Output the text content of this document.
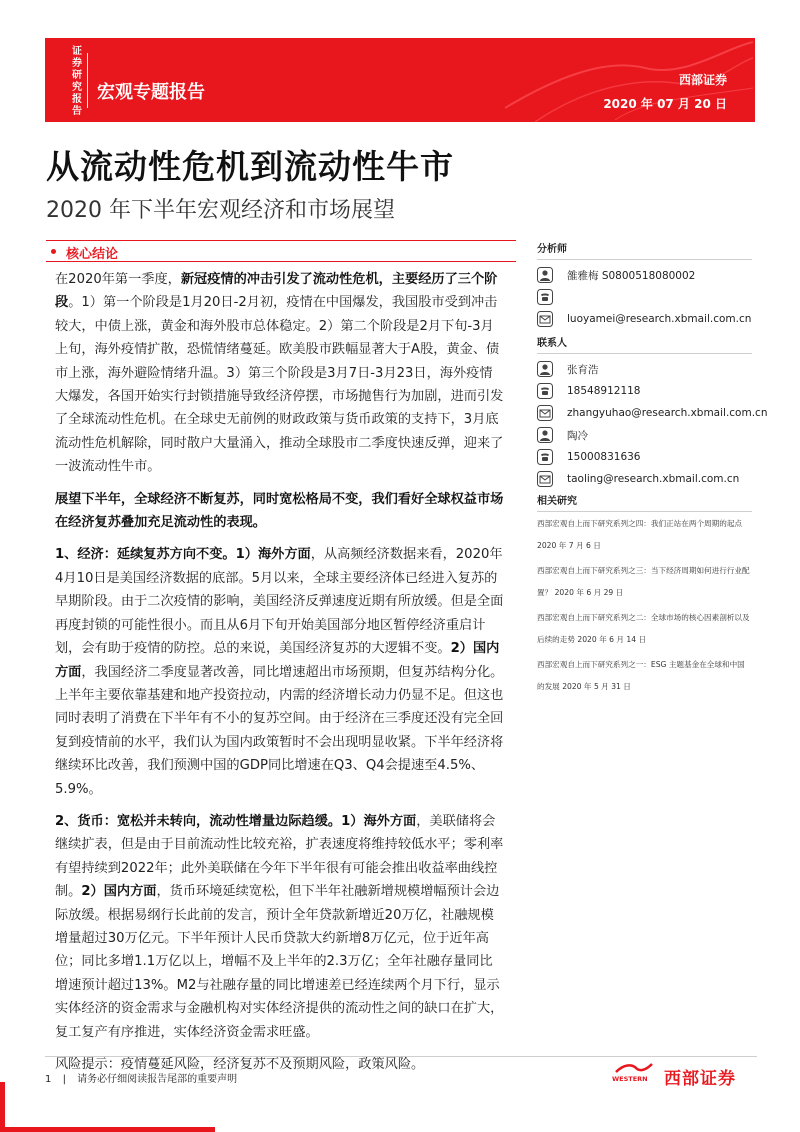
证券研究报告
宏观专题报告
西部证券
2020 年 07 月 20 日
从流动性危机到流动性牛市
2020 年下半年宏观经济和市场展望
核心结论

在2020年第一季度，新冠疫情的冲击引发了流动性危机，主要经历了三个阶段。1）第一个阶段是1月20日-2月初，疫情在中国爆发，我国股市受到冲击较大，中债上涨，黄金和海外股市总体稳定。2）第二个阶段是2月下旬-3月上旬，海外疫情扩散，恐慌情绪蔓延。欧美股市跌幅显著大于A股，黄金、债市上涨，海外避险情绪升温。3）第三个阶段是3月7日-3月23日，海外疫情大爆发，各国开始实行封锁措施导致经济停摆，市场抛售行为加剧，进而引发了全球流动性危机。在全球史无前例的财政政策与货币政策的支持下，3月底流动性危机解除，同时散户大量涌入，推动全球股市二季度快速反弹，迎来了一波流动性牛市。

展望下半年，全球经济不断复苏，同时宽松格局不变，我们看好全球权益市场在经济复苏叠加充足流动性的表现。

1、经济：延续复苏方向不变。1）海外方面，从高频经济数据来看，2020年4月10日是美国经济数据的底部。5月以来，全球主要经济体已经进入复苏的早期阶段。由于二次疫情的影响，美国经济反弹速度近期有所放缓。但是全面再度封锁的可能性很小。而且从6月下旬开始美国部分地区暂停经济重启计划，会有助于疫情的防控。总的来说，美国经济复苏的大逻辑不变。2）国内方面，我国经济二季度显著改善，同比增速超出市场预期，但复苏结构分化。上半年主要依靠基建和地产投资拉动，内需的经济增长动力仍显不足。但这也同时表明了消费在下半年有不小的复苏空间。由于经济在三季度还没有完全回复到疫情前的水平，我们认为国内政策暂时不会出现明显收紧。下半年经济将继续环比改善，我们预测中国的GDP同比增速在Q3、Q4会提速至4.5%、5.9%。

2、货币：宽松并未转向，流动性增量边际趋缓。1）海外方面，美联储将会继续扩表，但是由于目前流动性比较充裕，扩表速度将维持较低水平；零利率有望持续到2022年；此外美联储在今年下半年很有可能会推出收益率曲线控制。2）国内方面，货币环境延续宽松，但下半年社融新增规模增幅预计会边际放缓。根据易纲行长此前的发言，预计全年贷款新增近20万亿，社融规模增量超过30万亿元。下半年预计人民币贷款大约新增8万亿元，位于近年高位；同比多增1.1万亿以上，增幅不及上半年的2.3万亿；全年社融存量同比增速预计超过13%。M2与社融存量的同比增速差已经连续两个月下行，显示实体经济的资金需求与金融机构对实体经济提供的流动性之间的缺口在扩大，复工复产有序推进，实体经济资金需求旺盛。

风险提示：疫情蔓延风险，经济复苏不及预期风险，政策风险。

分析师
雒雅梅 S0800518080002
luoyamei@research.xbmail.com.cn
联系人
张育浩
18548912118
zhangyuhao@research.xbmail.com.cn
陶冷
15000831636
taoling@research.xbmail.com.cn
相关研究
西部宏观自上而下研究系列之四：我们正站在两个周期的起点 2020 年 7 月 6 日
西部宏观自上而下研究系列之三：当下经济周期如何进行行业配置？ 2020 年 6 月 29 日
西部宏观自上而下研究系列之二：全球市场的核心因素剖析以及后续的走势 2020 年 6 月 14 日
西部宏观自上而下研究系列之一：ESG 主题基金在全球和中国的发展 2020 年 5 月 31 日
1 | 请务必仔细阅读报告尾部的重要声明	WESTERN 西部证券
